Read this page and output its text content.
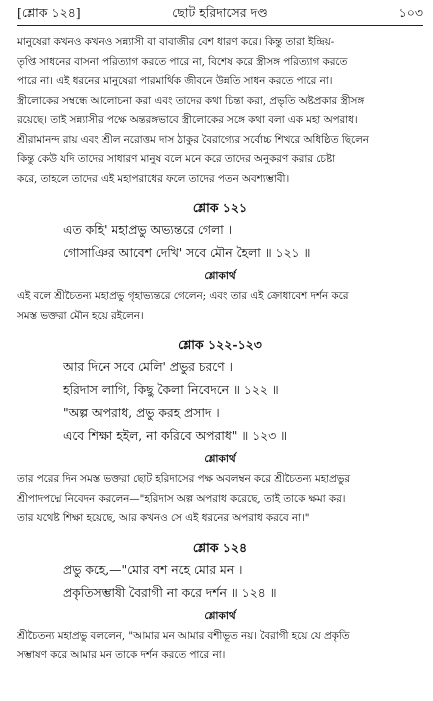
[শ্লোক ১২৪]	ছোট হরিদাসের দণ্ড	১০৩
মানুষেরা কখনও কখনও সন্ন্যাসী বা বাবাজীর বেশ ধারণ করে। কিন্তু তারা ইন্দ্রিয়-
তৃপ্তি সাধনের বাসনা পরিত্যাগ করতে পারে না, বিশেষ করে স্ত্রীসঙ্গ পরিত্যাগ করতে
পারে না। এই ধরনের মানুষেরা পারমার্থিক জীবনে উন্নতি সাধন করতে পারে না।
স্ত্রীলোকের সম্বন্ধে আলোচনা করা এবং তাদের কথা চিন্তা করা, প্রভৃতি অষ্টপ্রকার স্ত্রীসঙ্গ
রয়েছে। তাই সন্ন্যাসীর পক্ষে অন্তরঙ্গভাবে স্ত্রীলোকের সঙ্গে কথা বলা এক মহা অপরাধ।
শ্রীরামানন্দ রায় এবং শ্রীল নরোত্তম দাস ঠাকুর বৈরাগ্যের সর্বোচ্চ শিখরে অধিষ্ঠিত ছিলেন
কিন্তু কেউ যদি তাদের সাধারণ মানুষ বলে মনে করে তাদের অনুকরণ করার চেষ্টা
করে, তাহলে তাদের এই মহাপরাধের ফলে তাদের পতন অবশ্যম্ভাবী।
শ্লোক ১২১
এত কহি' মহাপ্রভু অভ্যন্তরে গেলা ।
গোসাঞির আবেশ দেখি' সবে মৌন হৈলা ॥ ১২১ ॥
শ্লোকার্থ
এই বলে শ্রীচৈতন্য মহাপ্রভু গৃহাভ্যন্তরে গেলেন; এবং তার এই ক্রোধাবেশ দর্শন করে
সমস্ত ভক্তরা মৌন হয়ে রইলেন।
শ্লোক ১২২-১২৩
আর দিনে সবে মেলি' প্রভুর চরণে ।
হরিদাস লাগি, কিছু কৈলা নিবেদনে ॥ ১২২ ॥
"অল্প অপরাধ, প্রভু করহ প্রসাদ ।
এবে শিক্ষা হইল, না করিবে অপরাধ" ॥ ১২৩ ॥
শ্লোকার্থ
তার পরের দিন সমস্ত ভক্তরা ছোট হরিদাসের পক্ষ অবলম্বন করে শ্রীচৈতন্য মহাপ্রভুর
শ্রীপাদপদ্মে নিবেদন করলেন—"হরিদাস অল্প অপরাধ করেছে, তাই তাকে ক্ষমা কর।
তার যথেষ্ট শিক্ষা হয়েছে, আর কখনও সে এই ধরনের অপরাধ করবে না।"
শ্লোক ১২৪
প্রভু কহে,—"মোর বশ নহে মোর মন ।
প্রকৃতিসম্ভাষী বৈরাগী না করে দর্শন ॥ ১২৪ ॥
শ্লোকার্থ
শ্রীচৈতন্য মহাপ্রভু বললেন, "আমার মন আমার বশীভূত নয়। বৈরাগী হয়ে যে প্রকৃতি
সম্ভাষণ করে আমার মন তাকে দর্শন করতে পারে না।
